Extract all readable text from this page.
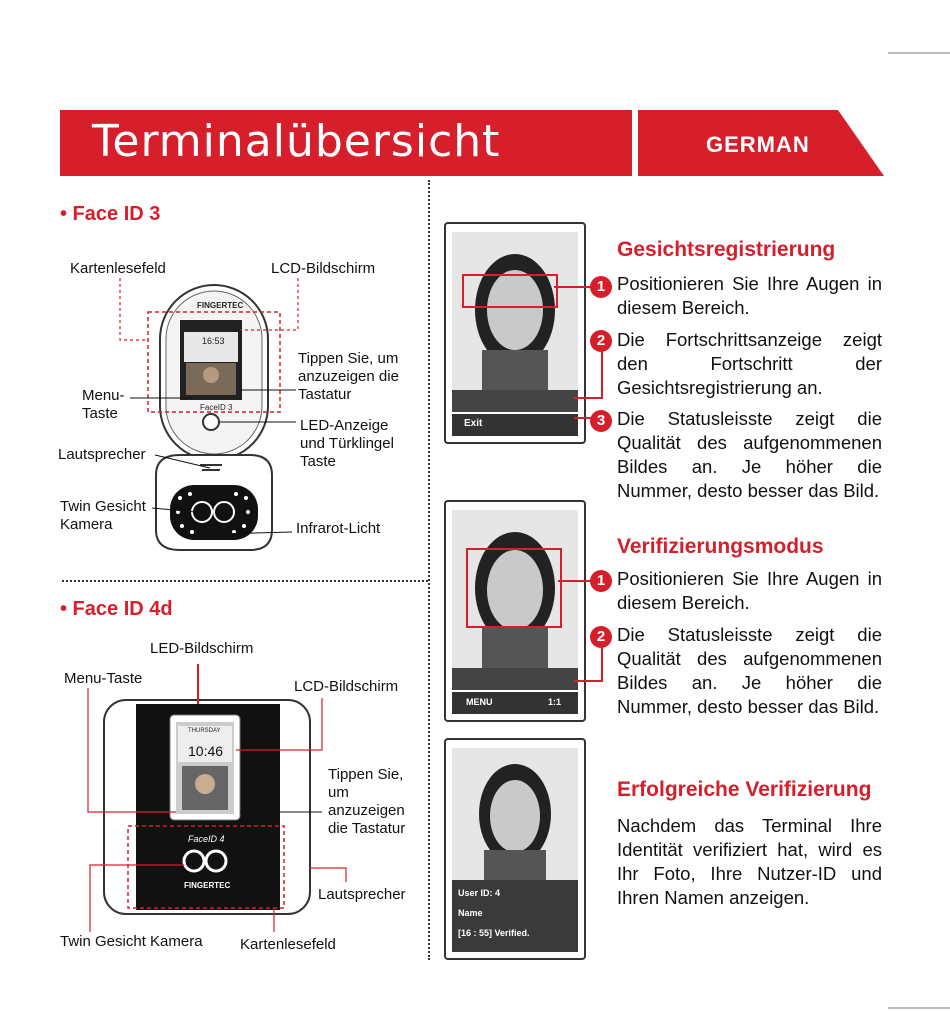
Terminalübersicht	GERMAN
• Face ID 3
FINGERTEC
16:53
FaceID 3
Kartenlesefeld	LCD-Bildschirm
Tippen Sie, um anzuzeigen die Tastatur
Menu-
Taste
LED-Anzeige und Türklingel Taste
Lautsprecher
Twin Gesicht Kamera	Infrarot-Licht
• Face ID 4d
THURSDAY
10:46
FaceID 4
FINGERTEC
LED-Bildschirm
Menu-Taste	LCD-Bildschirm
Tippen Sie, um anzuzeigen die Tastatur
Lautsprecher
Twin Gesicht Kamera Kartenlesefeld
Exit
Gesichtsregistrierung
1 Positionieren Sie Ihre Augen in diesem Bereich.
2 Die Fortschrittsanzeige zeigt den Fortschritt der Gesichtsregistrierung an.
3 Die Statusleisste zeigt die Qualität des aufgenommenen Bildes an. Je höher die Nummer, desto besser das Bild.
MENU	1:1
Verifizierungsmodus
1 Positionieren Sie Ihre Augen in diesem Bereich.
2 Die Statusleisste zeigt die Qualität des aufgenommenen Bildes an. Je höher die Nummer, desto besser das Bild.
User ID: 4
Name
[16 : 55] Verified.
Erfolgreiche Verifizierung
Nachdem das Terminal Ihre Identität verifiziert hat, wird es Ihr Foto, Ihre Nutzer-ID und Ihren Namen anzeigen.
